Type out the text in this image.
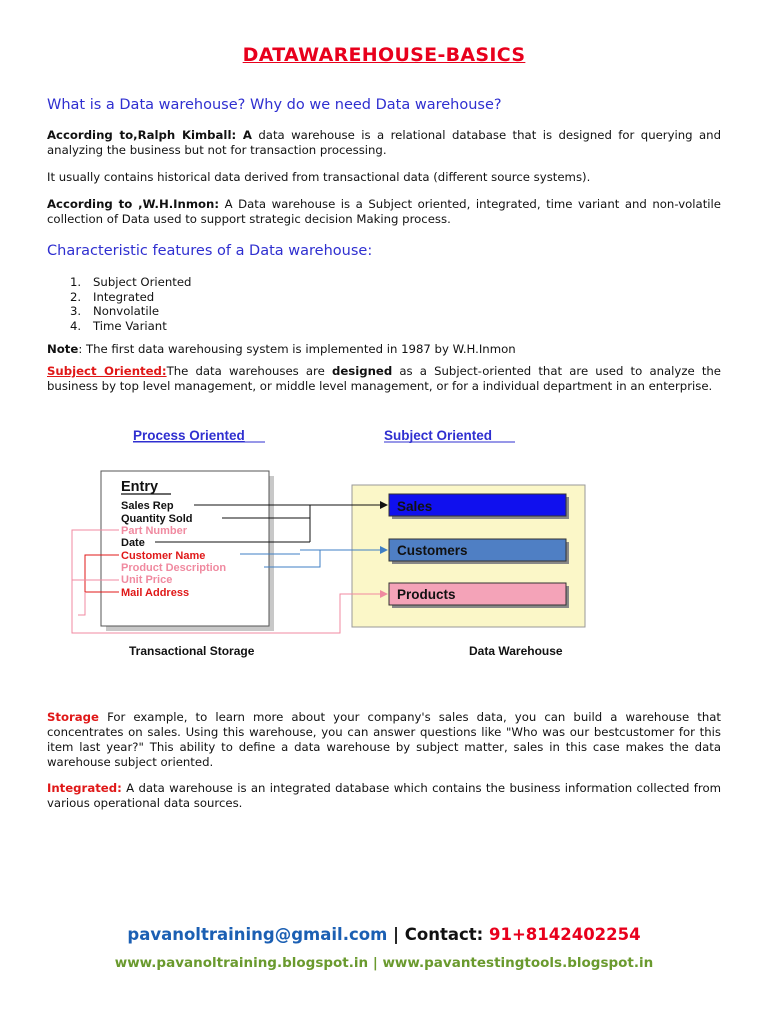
DATAWAREHOUSE-BASICS
What is a Data warehouse? Why do we need Data warehouse?
According to,Ralph Kimball: A data warehouse is a relational database that is designed for querying and analyzing the business but not for transaction processing.
It usually contains historical data derived from transactional data (different source systems).
According to ,W.H.Inmon: A Data warehouse is a Subject oriented, integrated, time variant and non-volatile collection of Data used to support strategic decision Making process.
Characteristic features of a Data warehouse:
1. Subject Oriented
2. Integrated
3. Nonvolatile
4. Time Variant
Note: The first data warehousing system is implemented in 1987 by W.H.Inmon
Subject Oriented:The data warehouses are designed as a Subject-oriented that are used to analyze the business by top level management, or middle level management, or for a individual department in an enterprise.
Process Oriented	Subject Oriented
Entry
Sales Rep
Quantity Sold
Part Number
Date
Customer Name
Product Description
Unit Price
Mail Address
Sales
Customers
Products
Transactional Storage	Data Warehouse
Storage For example, to learn more about your company's sales data, you can build a warehouse that concentrates on sales. Using this warehouse, you can answer questions like "Who was our bestcustomer for this item last year?" This ability to define a data warehouse by subject matter, sales in this case makes the data warehouse subject oriented.
Integrated: A data warehouse is an integrated database which contains the business information collected from various operational data sources.
pavanoltraining@gmail.com | Contact: 91+8142402254
www.pavanoltraining.blogspot.in | www.pavantestingtools.blogspot.in
